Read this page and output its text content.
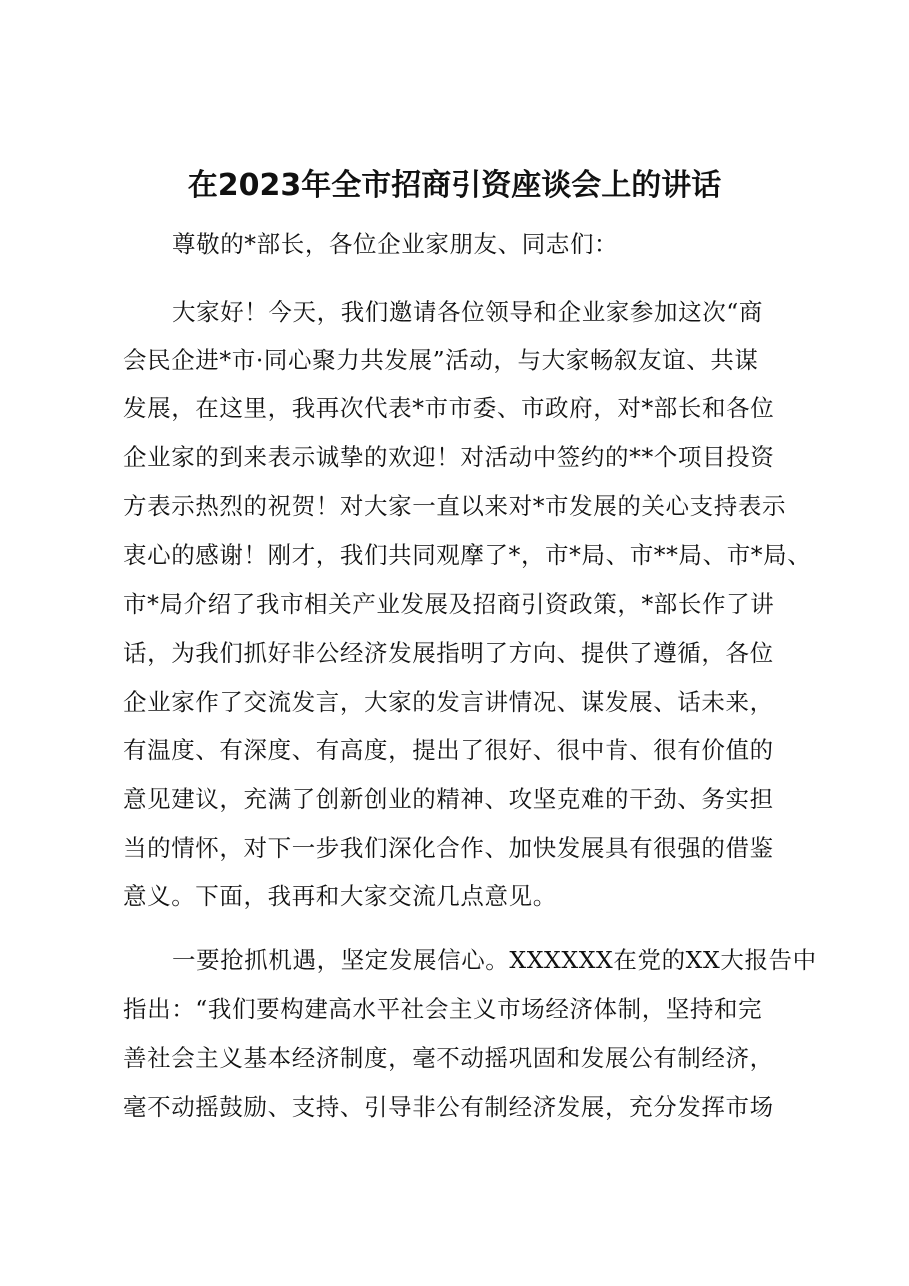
在2023年全市招商引资座谈会上的讲话
尊敬的*部长，各位企业家朋友、同志们：
大家好！今天，我们邀请各位领导和企业家参加这次“商
会民企进*市·同心聚力共发展”活动，与大家畅叙友谊、共谋
发展，在这里，我再次代表*市市委、市政府，对*部长和各位
企业家的到来表示诚挚的欢迎！对活动中签约的**个项目投资
方表示热烈的祝贺！对大家一直以来对*市发展的关心支持表示
衷心的感谢！刚才，我们共同观摩了*，市*局、市**局、市*局、
市*局介绍了我市相关产业发展及招商引资政策，*部长作了讲
话，为我们抓好非公经济发展指明了方向、提供了遵循，各位
企业家作了交流发言，大家的发言讲情况、谋发展、话未来，
有温度、有深度、有高度，提出了很好、很中肯、很有价值的
意见建议，充满了创新创业的精神、攻坚克难的干劲、务实担
当的情怀，对下一步我们深化合作、加快发展具有很强的借鉴
意义。下面，我再和大家交流几点意见。
一要抢抓机遇，坚定发展信心。XXXXXX在党的XX大报告中
指出：“我们要构建高水平社会主义市场经济体制，坚持和完
善社会主义基本经济制度，毫不动摇巩固和发展公有制经济，
毫不动摇鼓励、支持、引导非公有制经济发展，充分发挥市场
